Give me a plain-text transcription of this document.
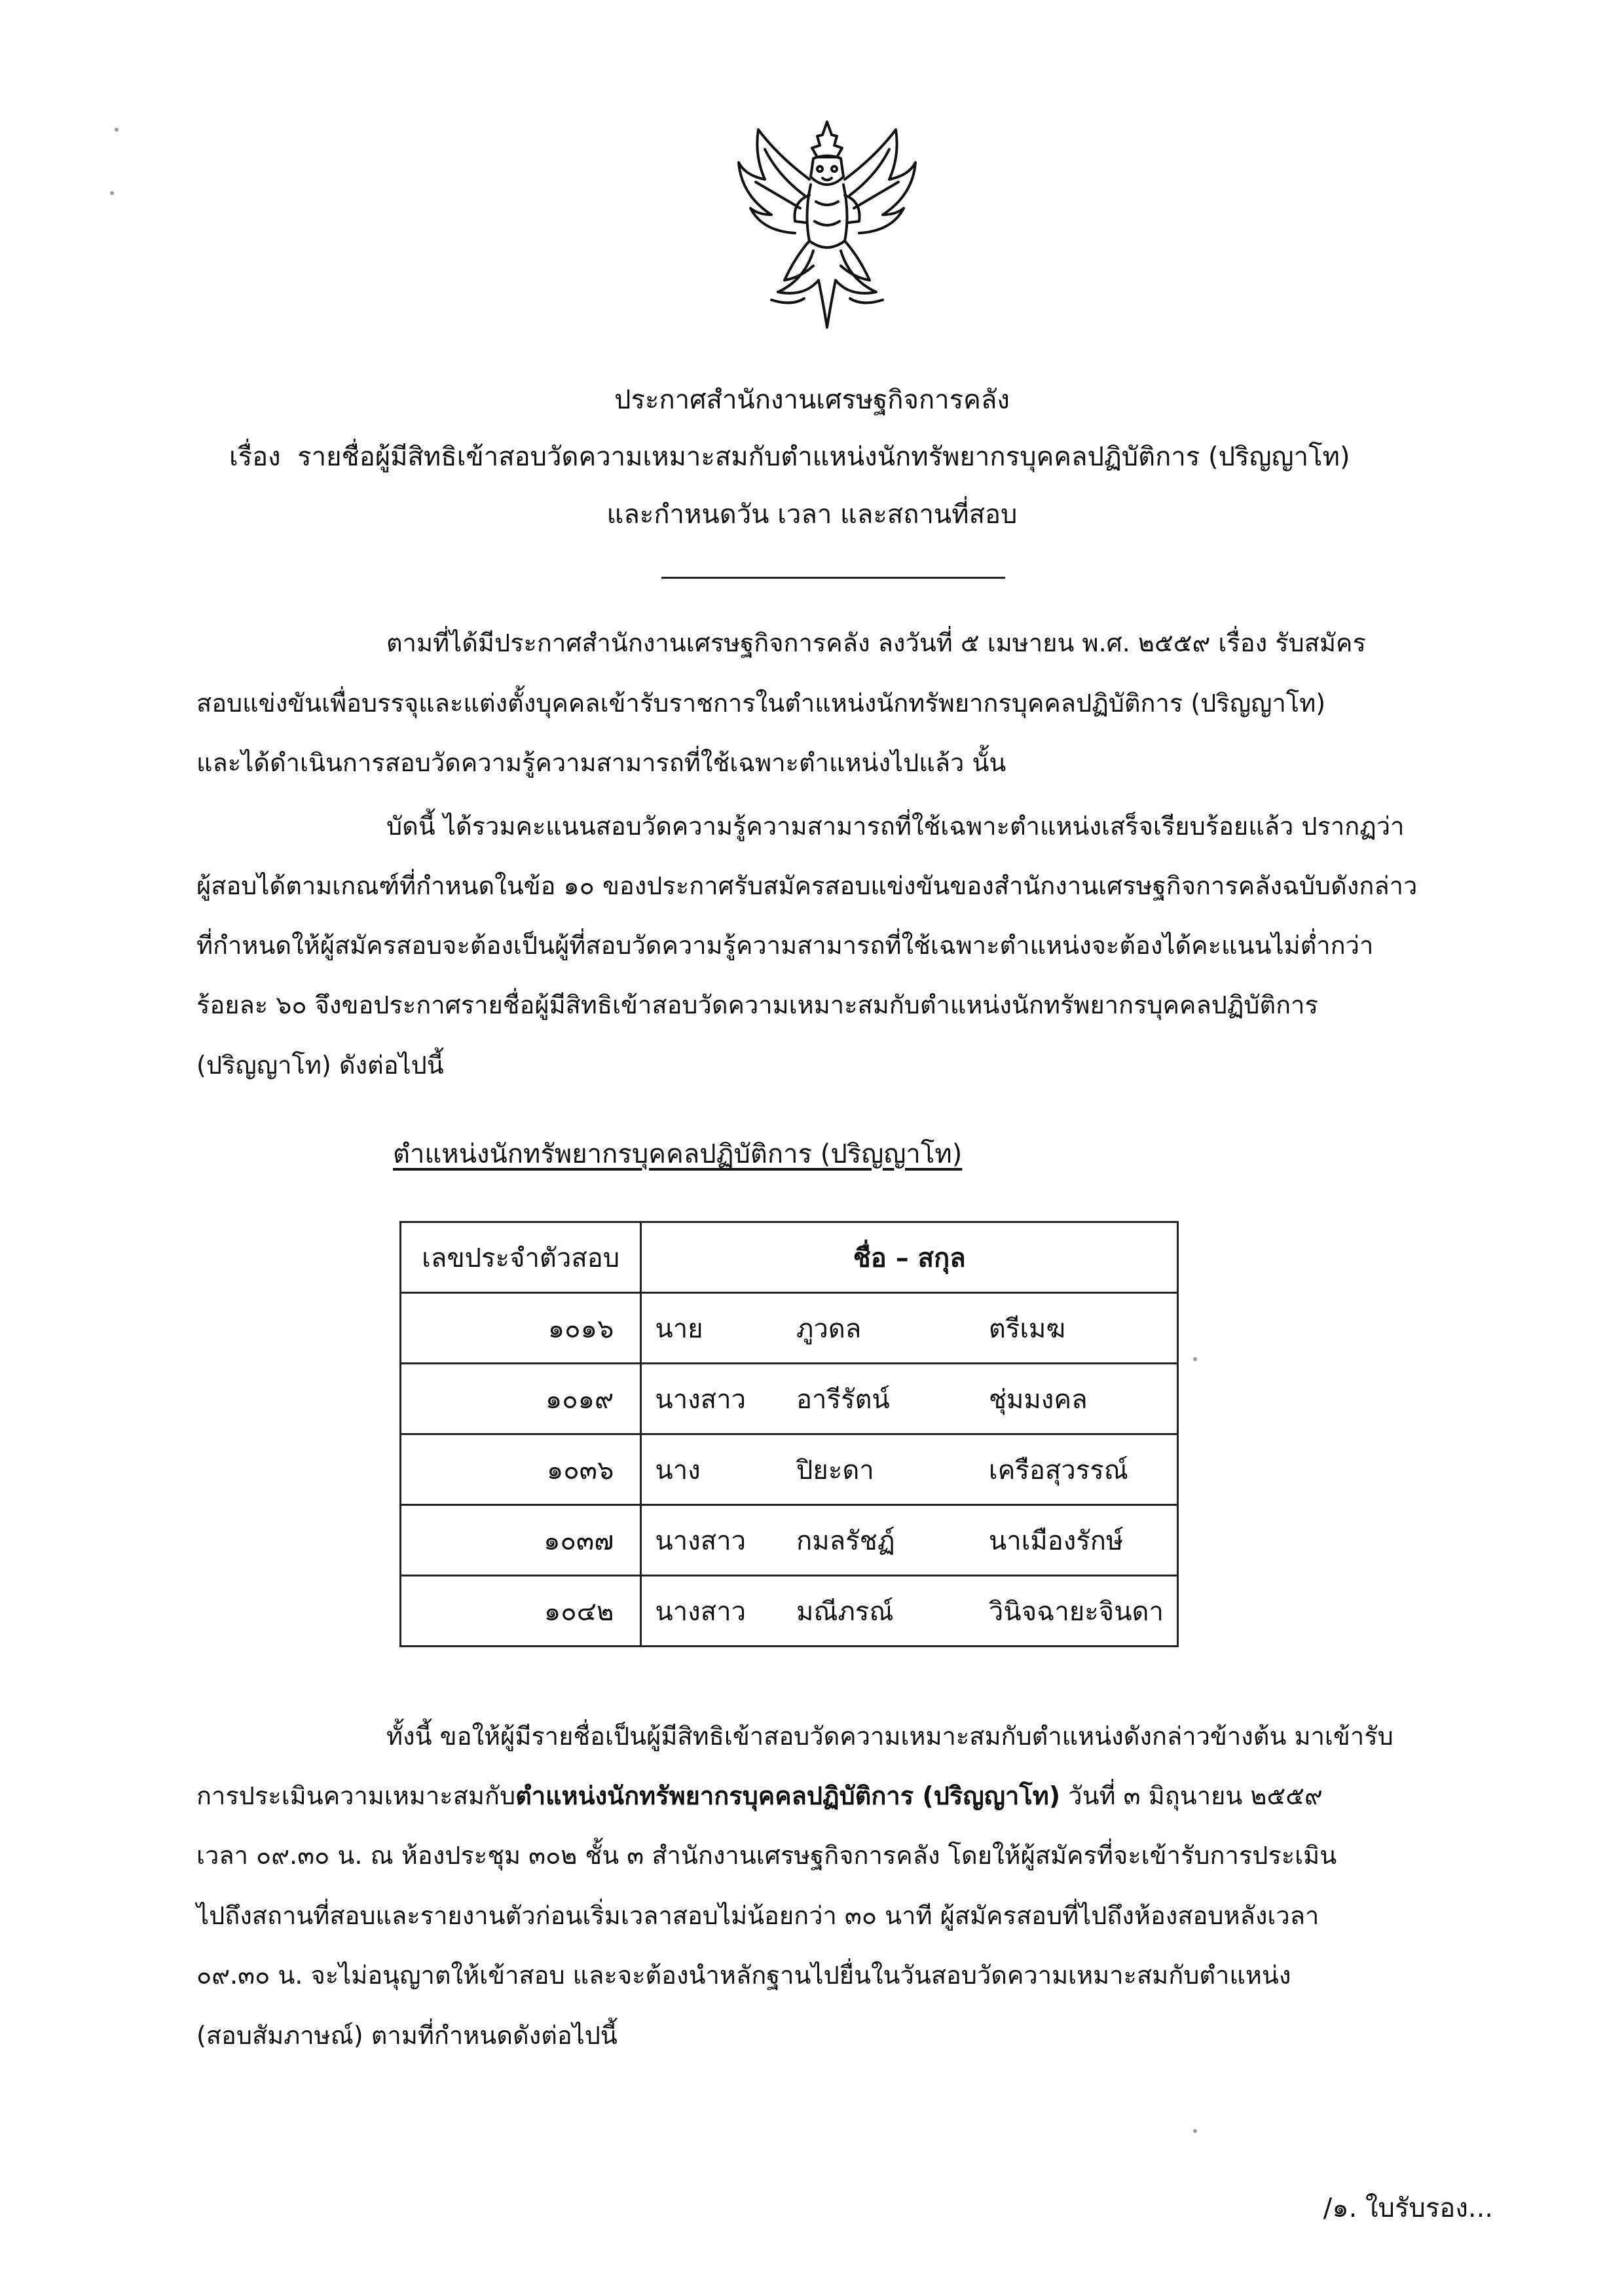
ประกาศสำนักงานเศรษฐกิจการคลัง
เรื่อง รายชื่อผู้มีสิทธิเข้าสอบวัดความเหมาะสมกับตำแหน่งนักทรัพยากรบุคคลปฏิบัติการ (ปริญญาโท)
และกำหนดวัน เวลา และสถานที่สอบ
ตามที่ได้มีประกาศสำนักงานเศรษฐกิจการคลัง ลงวันที่ ๕ เมษายน พ.ศ. ๒๕๕๙ เรื่อง รับสมัคร
สอบแข่งขันเพื่อบรรจุและแต่งตั้งบุคคลเข้ารับราชการในตำแหน่งนักทรัพยากรบุคคลปฏิบัติการ (ปริญญาโท)
และได้ดำเนินการสอบวัดความรู้ความสามารถที่ใช้เฉพาะตำแหน่งไปแล้ว นั้น
บัดนี้ ได้รวมคะแนนสอบวัดความรู้ความสามารถที่ใช้เฉพาะตำแหน่งเสร็จเรียบร้อยแล้ว ปรากฏว่า
ผู้สอบได้ตามเกณฑ์ที่กำหนดในข้อ ๑๐ ของประกาศรับสมัครสอบแข่งขันของสำนักงานเศรษฐกิจการคลังฉบับดังกล่าว
ที่กำหนดให้ผู้สมัครสอบจะต้องเป็นผู้ที่สอบวัดความรู้ความสามารถที่ใช้เฉพาะตำแหน่งจะต้องได้คะแนนไม่ต่ำกว่า
ร้อยละ ๖๐ จึงขอประกาศรายชื่อผู้มีสิทธิเข้าสอบวัดความเหมาะสมกับตำแหน่งนักทรัพยากรบุคคลปฏิบัติการ
(ปริญญาโท) ดังต่อไปนี้
ตำแหน่งนักทรัพยากรบุคคลปฏิบัติการ (ปริญญาโท)
เลขประจำตัวสอบ	ชื่อ – สกุล		
๑๐๑๖	นาย	ภูวดล	ตรีเมฆ
๑๐๑๙	นางสาว	อารีรัตน์	ชุ่มมงคล
๑๐๓๖	นาง	ปิยะดา	เครือสุวรรณ์
๑๐๓๗	นางสาว	กมลรัชฏ์	นาเมืองรักษ์
๑๐๔๒	นางสาว	มณีภรณ์	วินิจฉายะจินดา
ทั้งนี้ ขอให้ผู้มีรายชื่อเป็นผู้มีสิทธิเข้าสอบวัดความเหมาะสมกับตำแหน่งดังกล่าวข้างต้น มาเข้ารับ
การประเมินความเหมาะสมกับตำแหน่งนักทรัพยากรบุคคลปฏิบัติการ (ปริญญาโท) วันที่ ๓ มิถุนายน ๒๕๕๙
เวลา ๐๙.๓๐ น. ณ ห้องประชุม ๓๐๒ ชั้น ๓ สำนักงานเศรษฐกิจการคลัง โดยให้ผู้สมัครที่จะเข้ารับการประเมิน
ไปถึงสถานที่สอบและรายงานตัวก่อนเริ่มเวลาสอบไม่น้อยกว่า ๓๐ นาที ผู้สมัครสอบที่ไปถึงห้องสอบหลังเวลา
๐๙.๓๐ น. จะไม่อนุญาตให้เข้าสอบ และจะต้องนำหลักฐานไปยื่นในวันสอบวัดความเหมาะสมกับตำแหน่ง
(สอบสัมภาษณ์) ตามที่กำหนดดังต่อไปนี้
/๑. ใบรับรอง...
